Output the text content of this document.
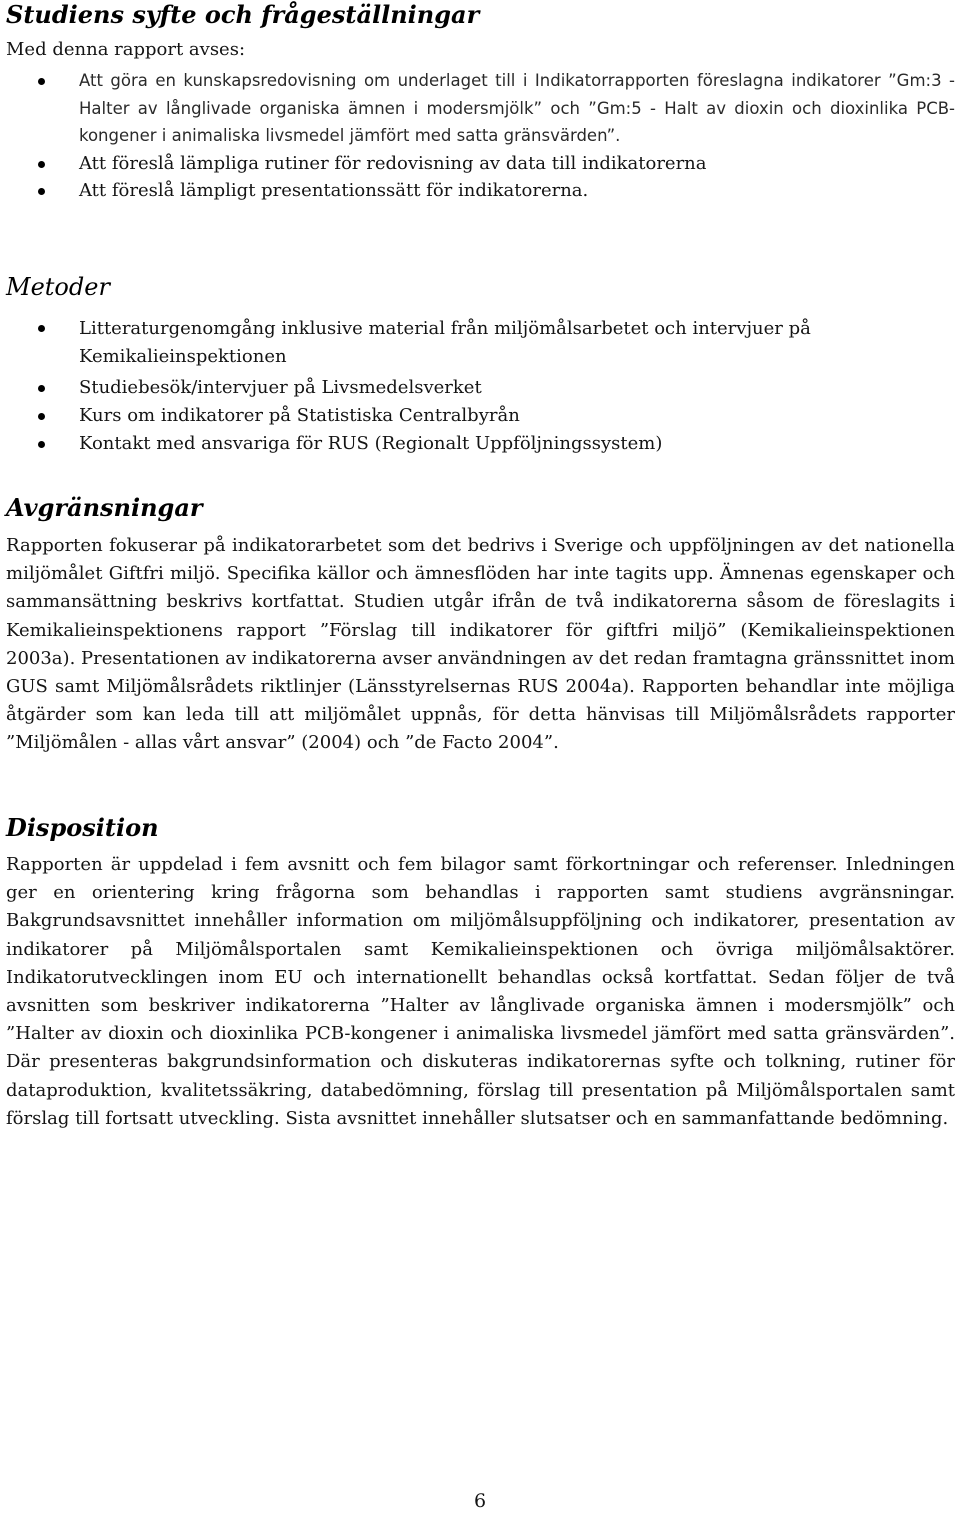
Studiens syfte och frågeställningar
Med denna rapport avses:
Att göra en kunskapsredovisning om underlaget till i Indikatorrapporten föreslagna indikatorer ”Gm:3 - Halter av långlivade organiska ämnen i modersmjölk” och ”Gm:5 - Halt av dioxin och dioxinlika PCB-kongener i animaliska livsmedel jämfört med satta gränsvärden”.
Att föreslå lämpliga rutiner för redovisning av data till indikatorerna
Att föreslå lämpligt presentationssätt för indikatorerna.
Metoder
Litteraturgenomgång inklusive material från miljömålsarbetet och intervjuer på Kemikalieinspektionen
Studiebesök/intervjuer på Livsmedelsverket
Kurs om indikatorer på Statistiska Centralbyrån
Kontakt med ansvariga för RUS (Regionalt Uppföljningssystem)
Avgränsningar

Rapporten fokuserar på indikatorarbetet som det bedrivs i Sverige och uppföljningen av det nationella miljömålet Giftfri miljö. Specifika källor och ämnesflöden har inte tagits upp. Ämnenas egenskaper och sammansättning beskrivs kortfattat. Studien utgår ifrån de två indikatorerna såsom de föreslagits i Kemikalieinspektionens rapport ”Förslag till indikatorer för giftfri miljö” (Kemikalieinspektionen 2003a). Presentationen av indikatorerna avser användningen av det redan framtagna gränssnittet inom GUS samt Miljömålsrådets riktlinjer (Länsstyrelsernas RUS 2004a). Rapporten behandlar inte möjliga åtgärder som kan leda till att miljömålet uppnås, för detta hänvisas till Miljömålsrådets rapporter ”Miljömålen - allas vårt ansvar” (2004) och ”de Facto 2004”.

Disposition

Rapporten är uppdelad i fem avsnitt och fem bilagor samt förkortningar och referenser. Inledningen ger en orientering kring frågorna som behandlas i rapporten samt studiens avgränsningar. Bakgrundsavsnittet innehåller information om miljömålsuppföljning och indikatorer, presentation av indikatorer på Miljömålsportalen samt Kemikalieinspektionen och övriga miljömålsaktörer. Indikatorutvecklingen inom EU och internationellt behandlas också kortfattat. Sedan följer de två avsnitten som beskriver indikatorerna ”Halter av långlivade organiska ämnen i modersmjölk” och ”Halter av dioxin och dioxinlika PCB-kongener i animaliska livsmedel jämfört med satta gränsvärden”. Där presenteras bakgrundsinformation och diskuteras indikatorernas syfte och tolkning, rutiner för dataproduktion, kvalitetssäkring, databedömning, förslag till presentation på Miljömålsportalen samt förslag till fortsatt utveckling. Sista avsnittet innehåller slutsatser och en sammanfattande bedömning.

6
